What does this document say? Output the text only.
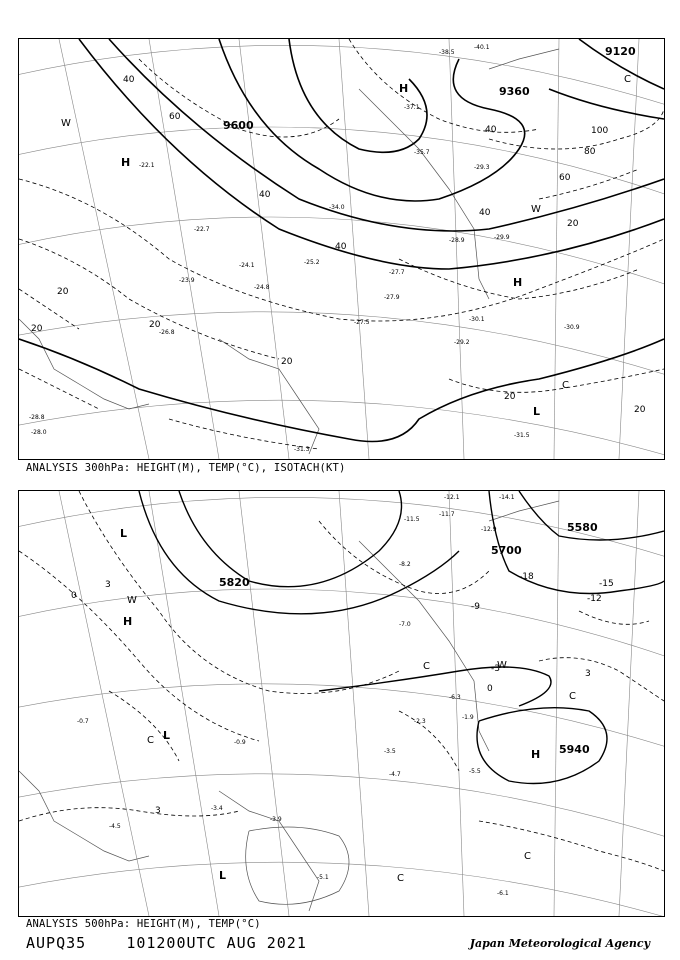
-38.5
-40.1
-37.1
-35.7
-34.0
-29.3
-27.7
-27.9
-27.5	-30.1
-29.2
-30.9
-31.5
-31.3
-29.9
-28.9
-28.8
-28.0
-26.8
-25.2
-24.8
-24.1
-23.9
-22.7
-22.1
9120
9360
9600
20
20
20
20
20
20
20
40
40
40
40
40
60
60
80
100
H
H
H
L
W
W
C
C
ANALYSIS 300hPa: HEIGHT(M), TEMP(°C), ISOTACH(KT)
-12.1	-14.1
-11.7
-11.5
-12.9
-8.2
-7.0
-6.3
-5.5
-4.7
-3.5
-2.3
-1.9
-0.9
-0.7
-5.1
-6.1
-3.4
-3.9
-4.5
5580
5700
5820
5940
-18
-15
-12
-9
-3
0
0
3
3
3
H
H
L
L
L
W
W
C
C
C
C
C
ANALYSIS 500hPa: HEIGHT(M), TEMP(°C)
AUPQ35	101200UTC AUG 2021	Japan Meteorological Agency
